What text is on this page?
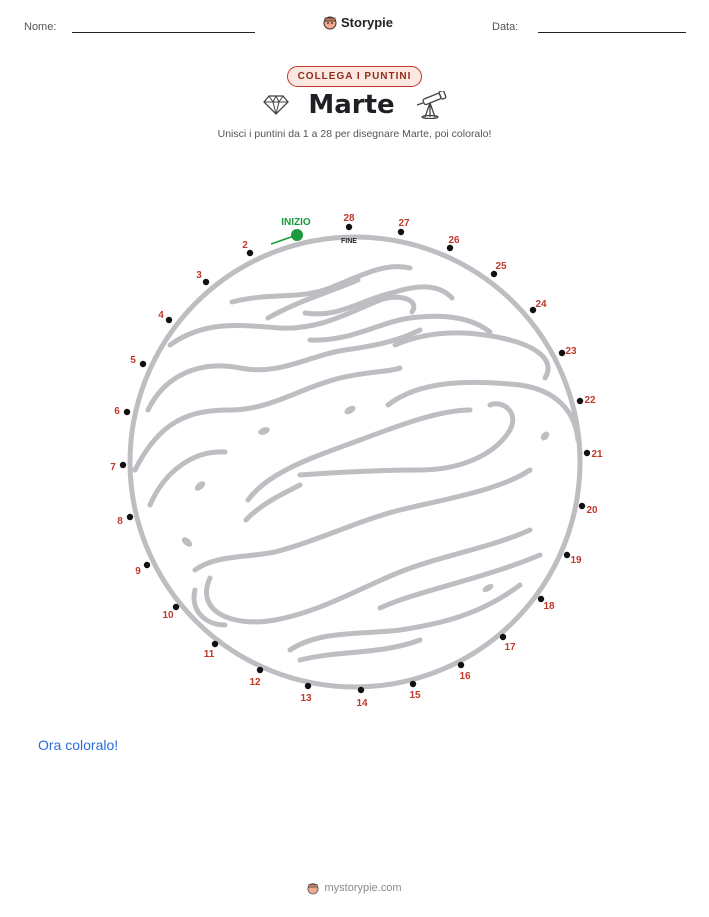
Nome:	Storypie	Data:
COLLEGA I PUNTINI
Marte
Unisci i puntini da 1 a 28 per disegnare Marte, poi coloralo!
INIZIO
FINE
2
3
4
5
6
7
8
9
10
11
12
13	14
15
16
17
18
19
20
21
22
23
24
25
26
27
28
Ora coloralo!
mystorypie.com
